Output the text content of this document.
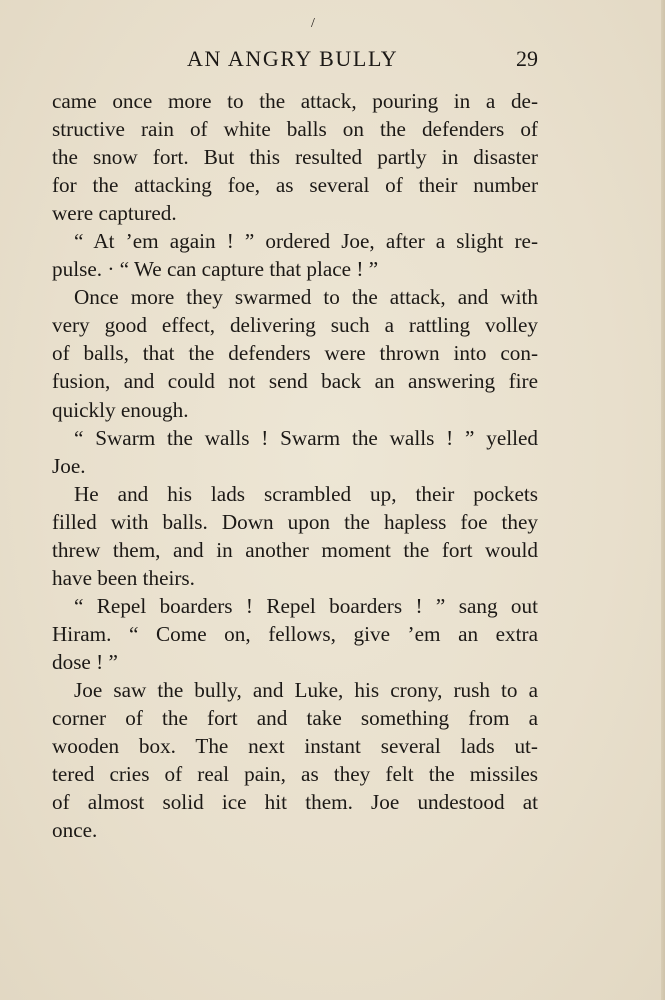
/
AN ANGRY BULLY	29
came once more to the attack, pouring in a de-
structive rain of white balls on the defenders of
the snow fort. But this resulted partly in disaster
for the attacking foe, as several of their number
were captured.
“ At ’em again ! ” ordered Joe, after a slight re-
pulse. · “ We can capture that place ! ”
Once more they swarmed to the attack, and with
very good effect, delivering such a rattling volley
of balls, that the defenders were thrown into con-
fusion, and could not send back an answering fire
quickly enough.
“ Swarm the walls ! Swarm the walls ! ” yelled
Joe.
He and his lads scrambled up, their pockets
filled with balls. Down upon the hapless foe they
threw them, and in another moment the fort would
have been theirs.
“ Repel boarders ! Repel boarders ! ” sang out
Hiram. “ Come on, fellows, give ’em an extra
dose ! ”
Joe saw the bully, and Luke, his crony, rush to a
corner of the fort and take something from a
wooden box. The next instant several lads ut-
tered cries of real pain, as they felt the missiles
of almost solid ice hit them. Joe undestood at
once.
